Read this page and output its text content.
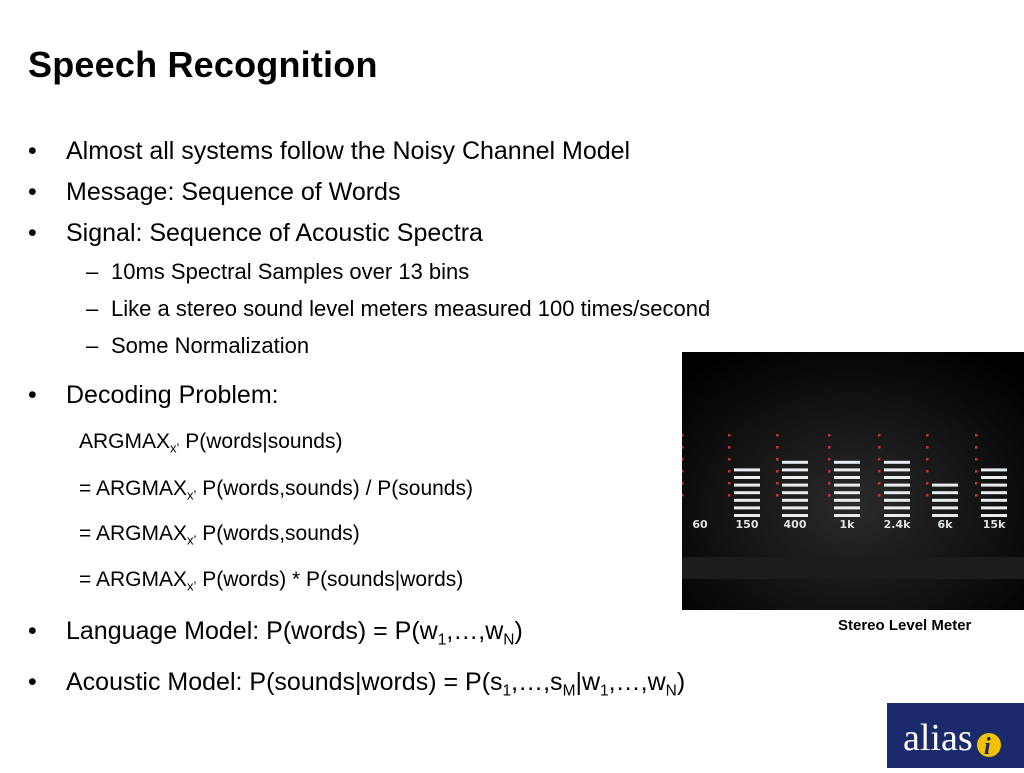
Speech Recognition
• Almost all systems follow the Noisy Channel Model
• Message: Sequence of Words
• Signal: Sequence of Acoustic Spectra
– 10ms Spectral Samples over 13 bins
– Like a stereo sound level meters measured 100 times/second
– Some Normalization
• Decoding Problem:
$ARGMAX_{x’}$ P(words|sounds)
= $ARGMAX_{x’}$ P(words,sounds) / P(sounds)
= $ARGMAX_{x’}$ P(words,sounds)
= $ARGMAX_{x’}$ P(words) * P(sounds|words)
• Language Model: P(words) = $P(w_1,\dots,w_N)$
• Acoustic Model: P(sounds|words) = $P(s_1,\dots,s_M|w_1,\dots,w_N)$
60	150 400	1k	2.4k 6k	15k
Stereo Level Meter
alias i
